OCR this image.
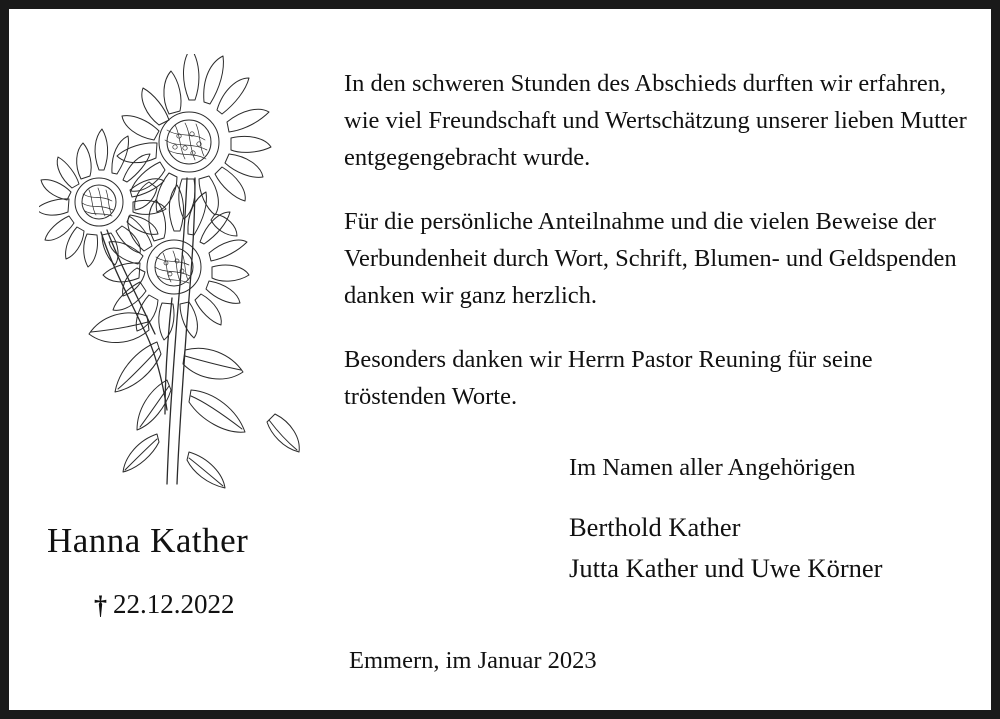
Hanna Kather
† 22.12.2022
In den schweren Stunden des Abschieds durften wir erfahren, wie viel Freundschaft und Wertschätzung unserer lieben Mutter entgegengebracht wurde.
Für die persönliche Anteilnahme und die vielen Beweise der Verbundenheit durch Wort, Schrift, Blumen- und Geldspenden danken wir ganz herzlich.
Besonders danken wir Herrn Pastor Reuning für seine tröstenden Worte.
Im Namen aller Angehörigen
Berthold Kather
Jutta Kather und Uwe Körner
Emmern, im Januar 2023
